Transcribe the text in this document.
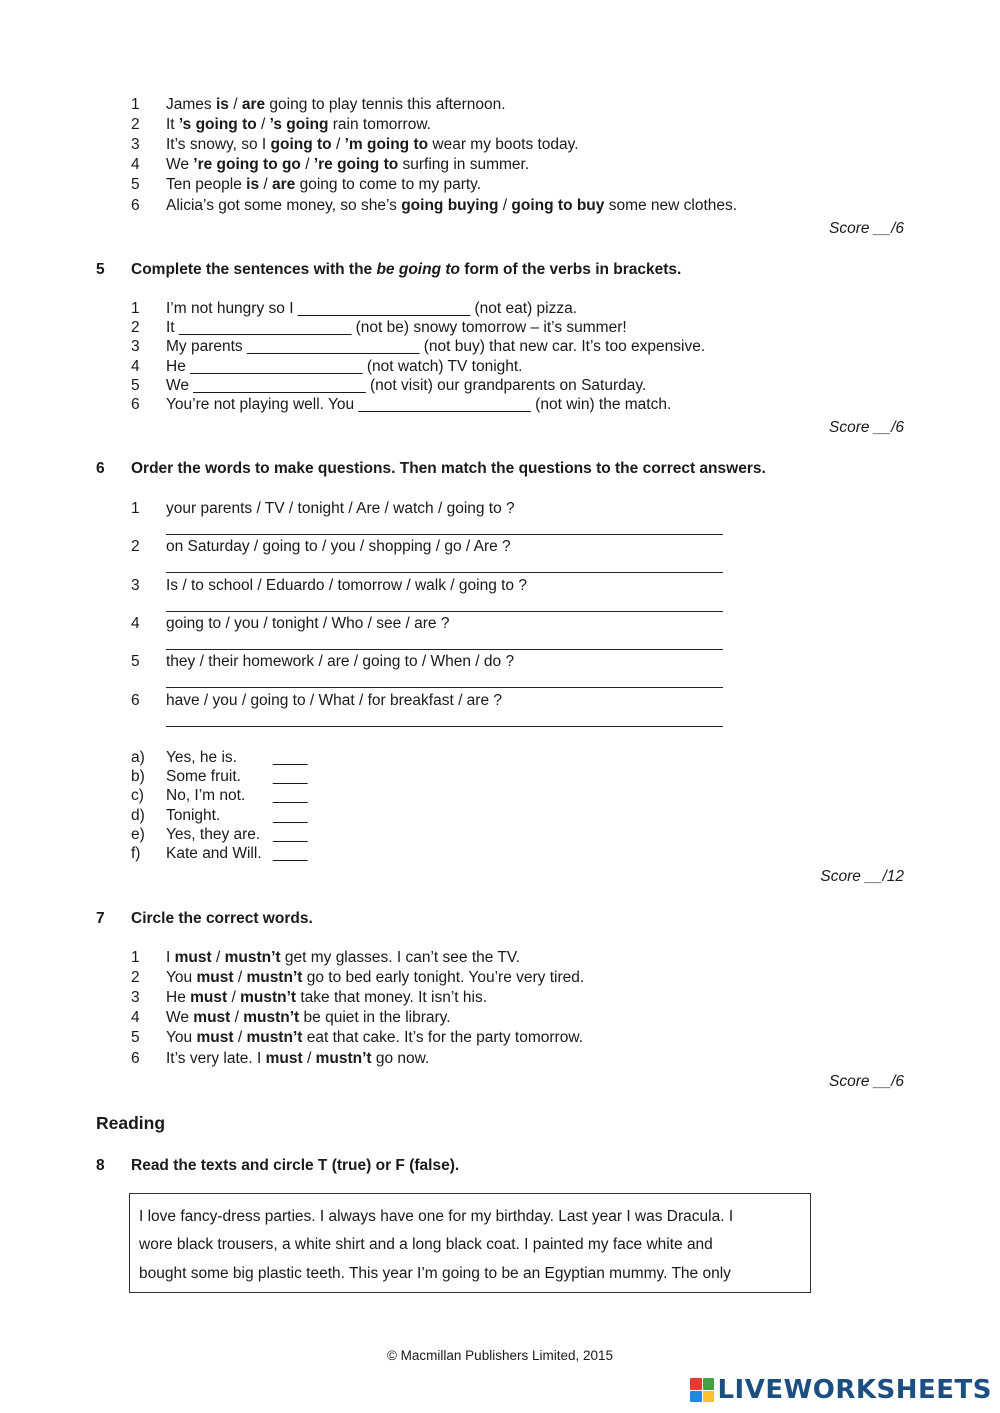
1 James is / are going to play tennis this afternoon.
2 It ’s going to / ’s going rain tomorrow.
3 It’s snowy, so I going to / ’m going to wear my boots today.
4 We ’re going to go / ’re going to surfing in summer.
5 Ten people is / are going to come to my party.
6 Alicia’s got some money, so she’s going buying / going to buy some new clothes.
Score __/6
5 Complete the sentences with the be going to form of the verbs in brackets.
1 I’m not hungry so I ____________________ (not eat) pizza.
2 It ____________________ (not be) snowy tomorrow – it’s summer!
3 My parents ____________________ (not buy) that new car. It’s too expensive.
4 He ____________________ (not watch) TV tonight.
5 We ____________________ (not visit) our grandparents on Saturday.
6 You’re not playing well. You ____________________ (not win) the match.
Score __/6
6 Order the words to make questions. Then match the questions to the correct answers.
1 your parents / TV / tonight / Are / watch / going to ?
2 on Saturday / going to / you / shopping / go / Are ?
3 Is / to school / Eduardo / tomorrow / walk / going to ?
4 going to / you / tonight / Who / see / are ?
5 they / their homework / are / going to / When / do ?
6 have / you / going to / What / for breakfast / are ?
a) Yes, he is. ____
b) Some fruit. ____
c) No, I’m not. ____
d) Tonight.	____
e) Yes, they are. ____
f) Kate and Will. ____
Score __/12
7 Circle the correct words.
1 I must / mustn’t get my glasses. I can’t see the TV.
2 You must / mustn’t go to bed early tonight. You’re very tired.
3 He must / mustn’t take that money. It isn’t his.
4 We must / mustn’t be quiet in the library.
5 You must / mustn’t eat that cake. It’s for the party tomorrow.
6 It’s very late. I must / mustn’t go now.
Score __/6
Reading
8 Read the texts and circle T (true) or F (false).

I love fancy-dress parties. I always have one for my birthday. Last year I was Dracula. I

wore black trousers, a white shirt and a long black coat. I painted my face white and

bought some big plastic teeth. This year I’m going to be an Egyptian mummy. The only

© Macmillan Publishers Limited, 2015
LIVEWORKSHEETS
